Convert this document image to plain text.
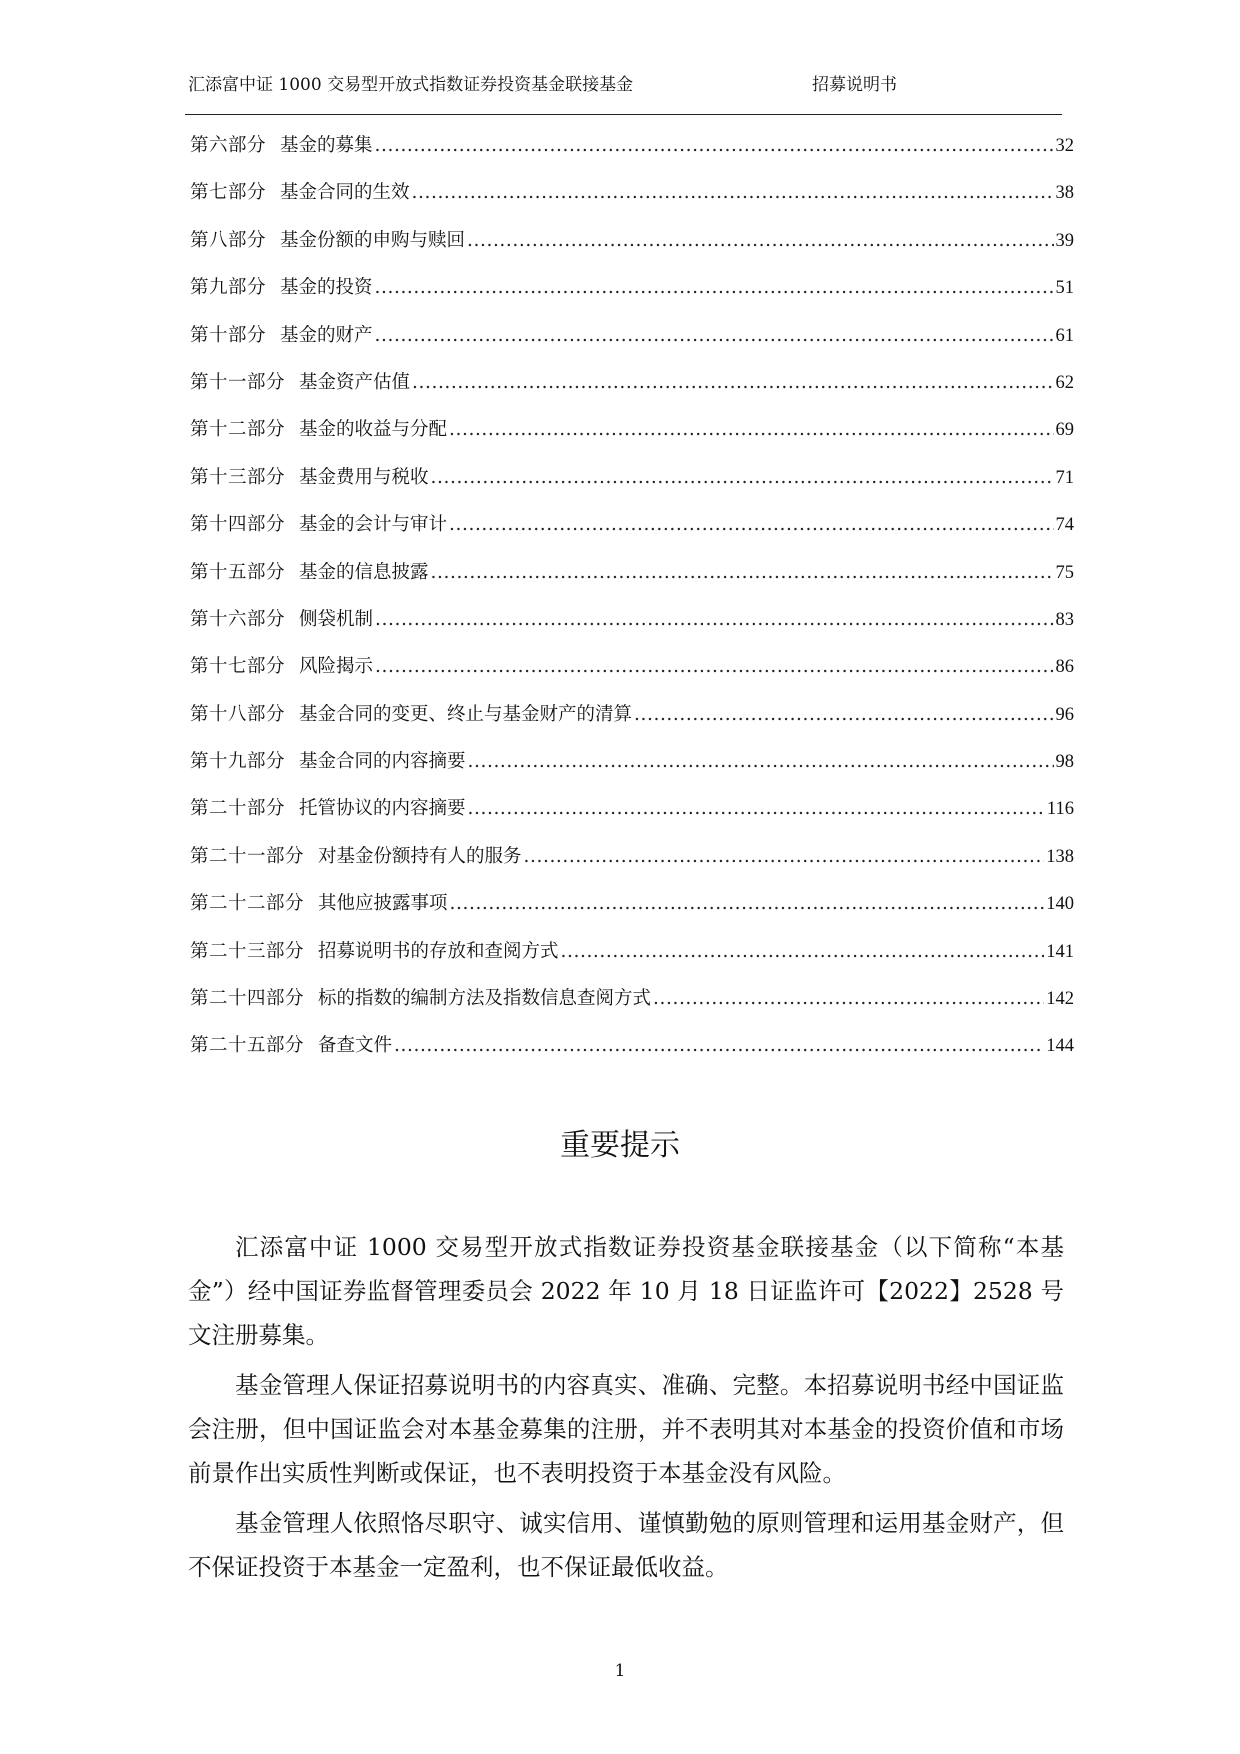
汇添富中证 1000 交易型开放式指数证券投资基金联接基金	招募说明书
第六部分 基金的募集 .....	32
第七部分 基金合同的生效 .....	38
第八部分 基金份额的申购与赎回 .....	39
第九部分 基金的投资 .....	51
第十部分 基金的财产 .....	61
第十一部分 基金资产估值 .....	62
第十二部分 基金的收益与分配 .....	69
第十三部分 基金费用与税收 .....	71
第十四部分 基金的会计与审计 .....	74
第十五部分 基金的信息披露 .....	75
第十六部分 侧袋机制 .....	83
第十七部分 风险揭示 .....	86
第十八部分 基金合同的变更、终止与基金财产的清算 .....	96
第十九部分 基金合同的内容摘要 .....	98
第二十部分 托管协议的内容摘要 .....	116
第二十一部分 对基金份额持有人的服务 .....	138
第二十二部分 其他应披露事项 .....	140
第二十三部分 招募说明书的存放和查阅方式 .....	141
第二十四部分 标的指数的编制方法及指数信息查阅方式 .....	142
第二十五部分 备查文件 .....	144
重要提示

汇添富中证 1000 交易型开放式指数证券投资基金联接基金（以下简称“本基金”）经中国证券监督管理委员会 2022 年 10 月 18 日证监许可【2022】2528 号文注册募集。

基金管理人保证招募说明书的内容真实、准确、完整。本招募说明书经中国证监会注册，但中国证监会对本基金募集的注册，并不表明其对本基金的投资价值和市场前景作出实质性判断或保证，也不表明投资于本基金没有风险。

基金管理人依照恪尽职守、诚实信用、谨慎勤勉的原则管理和运用基金财产，但不保证投资于本基金一定盈利，也不保证最低收益。

1
